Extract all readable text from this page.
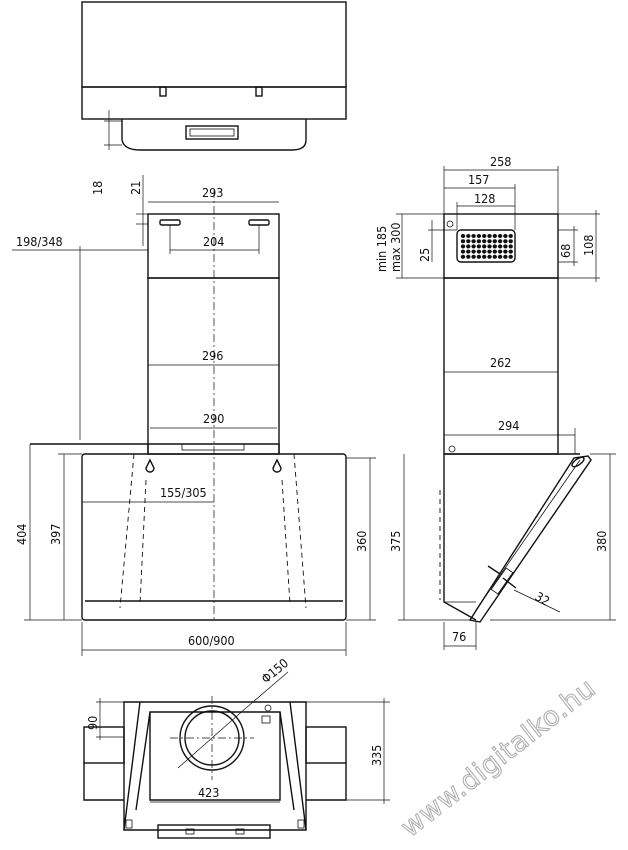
18 21	293
204
198/348
296
290
155/305
404 397	360
600/900
258
157
128
min 185 max 300 25	68 108
262
294
32
375	380
76
Φ150
90
423
335 www.digitalko.hu
